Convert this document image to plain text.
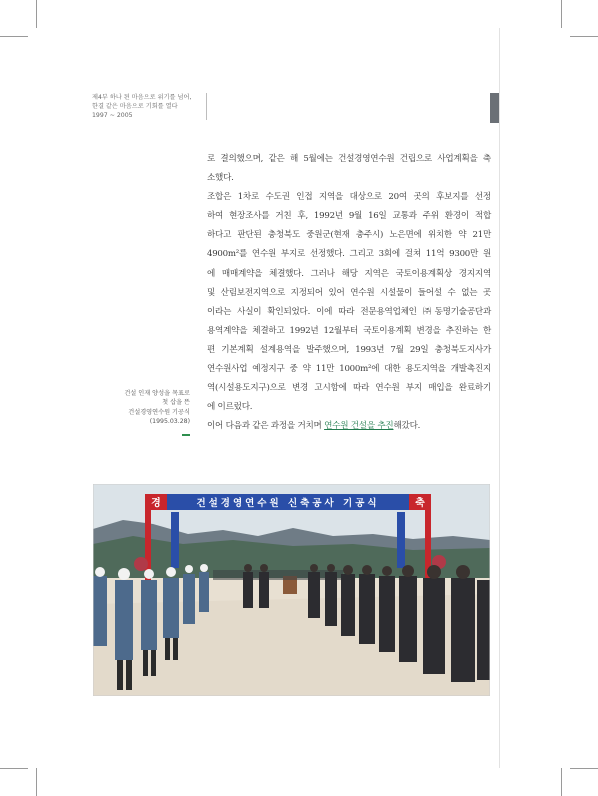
제4부 하나 된 마음으로 위기를 넘어,
한결 같은 마음으로 기회를 열다
1997 ~ 2005
로 결의했으며, 같은 해 5월에는 건설경영연수원 건립으로 사업계획을 축
소했다.
조합은 1차로 수도권 인접 지역을 대상으로 20여 곳의 후보지를 선정
하여 현장조사를 거친 후, 1992년 9월 16일 교통과 주위 환경이 적합
하다고 판단된 충청북도 중원군(현재 충주시) 노은면에 위치한 약 21만
4900m²를 연수원 부지로 선정했다. 그리고 3회에 걸쳐 11억 9300만 원
에 매매계약을 체결했다. 그러나 해당 지역은 국토이용계획상 경지지역
및 산림보전지역으로 지정되어 있어 연수원 시설물이 들어설 수 없는 곳
이라는 사실이 확인되었다. 이에 따라 전문용역업체인 ㈜동명기술공단과
용역계약을 체결하고 1992년 12월부터 국토이용계획 변경을 추진하는 한
편 기본계획 설계용역을 발주했으며, 1993년 7월 29일 충청북도지사가
연수원사업 예정지구 중 약 11만 1000m²에 대한 용도지역을 개발촉진지
역(시설용도지구)으로 변경 고시함에 따라 연수원 부지 매입을 완료하기
에 이르렀다.
이어 다음과 같은 과정을 거치며 연수원 건설을 추진해갔다.
건설 인재 양성을 목표로
첫 삽을 뜬
건설경영연수원 기공식
(1995.03.28)
경	건설경영연수원 신축공사 기공식	축
